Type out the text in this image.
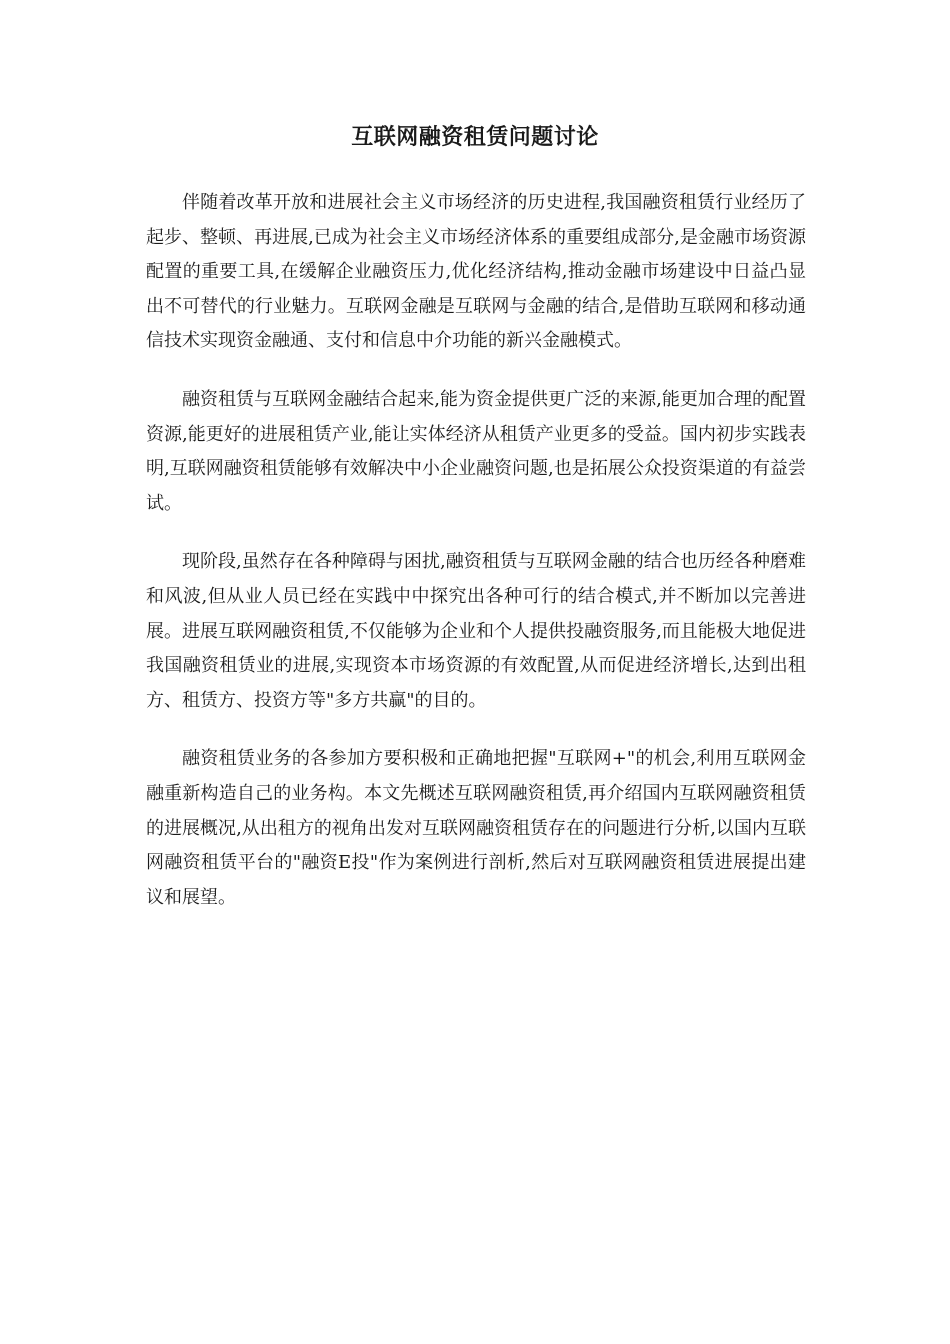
互联网融资租赁问题讨论

伴随着改革开放和进展社会主义市场经济的历史进程,我国融资租赁行业经历了起步、整顿、再进展,已成为社会主义市场经济体系的重要组成部分,是金融市场资源配置的重要工具,在缓解企业融资压力,优化经济结构,推动金融市场建设中日益凸显出不可替代的行业魅力。互联网金融是互联网与金融的结合,是借助互联网和移动通信技术实现资金融通、支付和信息中介功能的新兴金融模式。

融资租赁与互联网金融结合起来,能为资金提供更广泛的来源,能更加合理的配置资源,能更好的进展租赁产业,能让实体经济从租赁产业更多的受益。国内初步实践表明,互联网融资租赁能够有效解决中小企业融资问题,也是拓展公众投资渠道的有益尝试。

现阶段,虽然存在各种障碍与困扰,融资租赁与互联网金融的结合也历经各种磨难和风波,但从业人员已经在实践中中探究出各种可行的结合模式,并不断加以完善进展。进展互联网融资租赁,不仅能够为企业和个人提供投融资服务,而且能极大地促进我国融资租赁业的进展,实现资本市场资源的有效配置,从而促进经济增长,达到出租方、租赁方、投资方等"多方共赢"的目的。

融资租赁业务的各参加方要积极和正确地把握"互联网+"的机会,利用互联网金融重新构造自己的业务构。本文先概述互联网融资租赁,再介绍国内互联网融资租赁的进展概况,从出租方的视角出发对互联网融资租赁存在的问题进行分析,以国内互联网融资租赁平台的"融资E投"作为案例进行剖析,然后对互联网融资租赁进展提出建议和展望。
